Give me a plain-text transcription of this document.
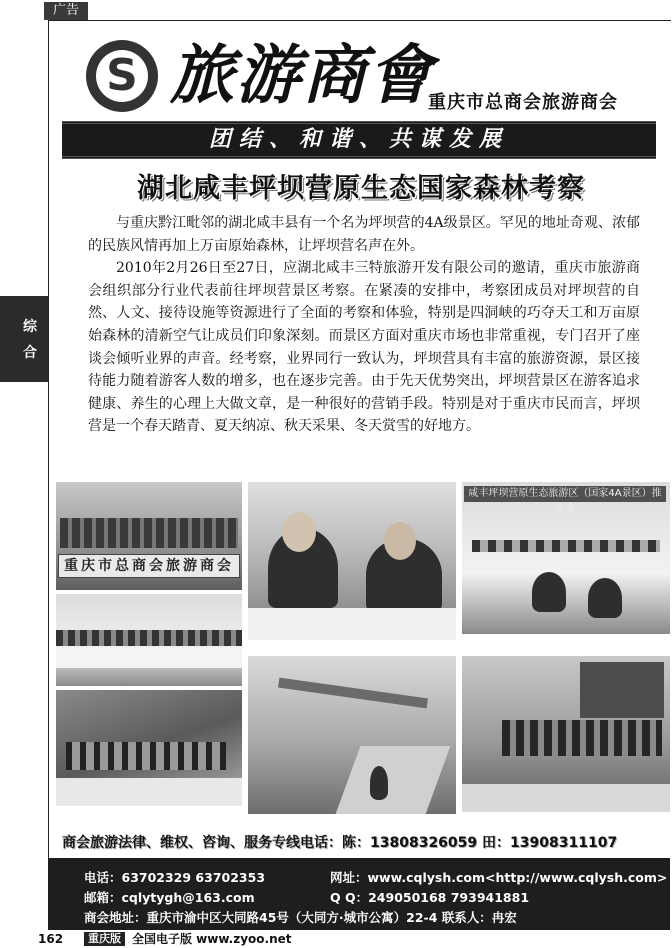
广告
综
合
S 旅游商會
重庆市总商会旅游商会
团结、和谐、共谋发展
湖北咸丰坪坝营原生态国家森林考察

与重庆黔江毗邻的湖北咸丰县有一个名为坪坝营的4A级景区。罕见的地址奇观、浓郁的民族风情再加上万亩原始森林，让坪坝营名声在外。

2010年2月26日至27日，应湖北咸丰三特旅游开发有限公司的邀请，重庆市旅游商会组织部分行业代表前往坪坝营景区考察。在紧凑的安排中，考察团成员对坪坝营的自然、人文、接待设施等资源进行了全面的考察和体验，特别是四洞峡的巧夺天工和万亩原始森林的清新空气让成员们印象深刻。而景区方面对重庆市场也非常重视，专门召开了座谈会倾听业界的声音。经考察，业界同行一致认为，坪坝营具有丰富的旅游资源，景区接待能力随着游客人数的增多，也在逐步完善。由于先天优势突出，坪坝营景区在游客追求健康、养生的心理上大做文章，是一种很好的营销手段。特别是对于重庆市民而言，坪坝营是一个春天踏青、夏天纳凉、秋天采果、冬天赏雪的好地方。

重庆市总商会旅游商会
咸丰坪坝营原生态旅游区（国家4A景区）推介会
商会旅游法律、维权、咨询、服务专线电话：陈：13808326059 田：13908311107
电话：63702329 63702353	网址：www.cqlysh.com<http://www.cqlysh.com>
邮箱：cqlytygh@163.com	Q Q：249050168 793941881
商会地址：重庆市渝中区大同路45号（大同方·城市公寓）22-4 联系人：冉宏
162	重庆版 全国电子版 www.zyoo.net
